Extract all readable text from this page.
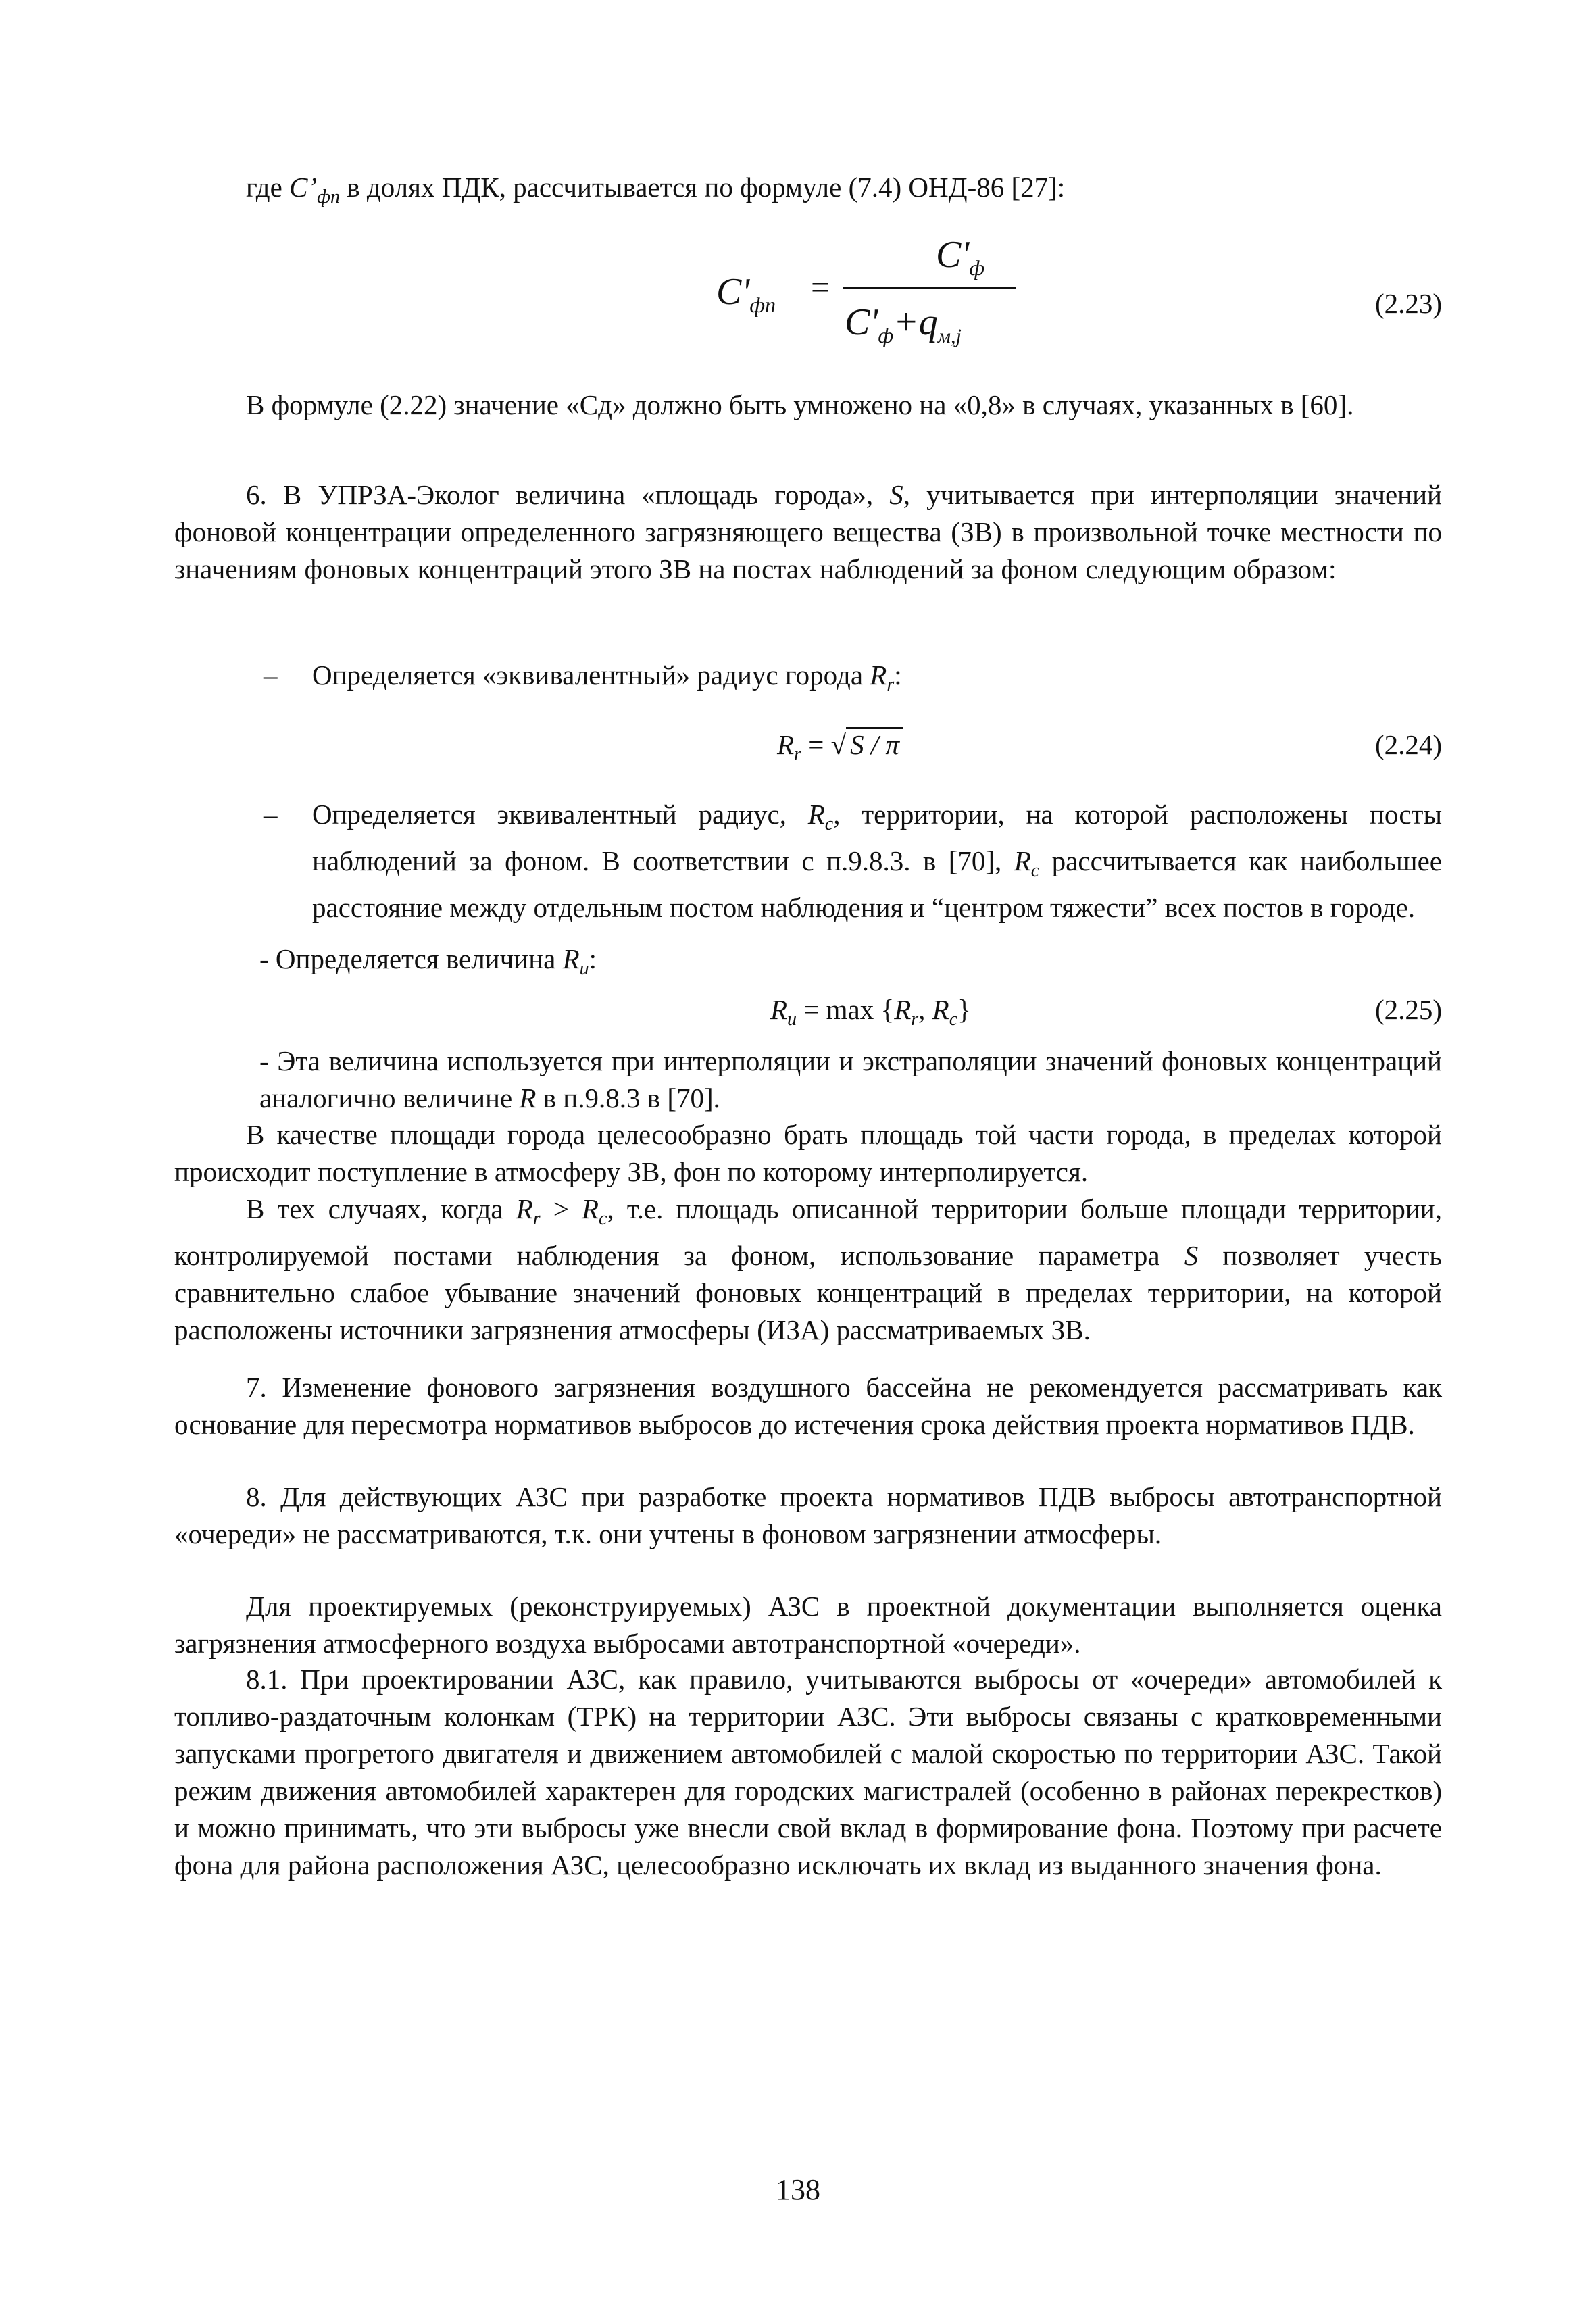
где $C’_{фп}$ в долях ПДК, рассчитывается по формуле (7.4) ОНД-86 [27]:
$C'_{фп}$ =
$C'_ф$
$C'_ф+q_{м,j}$
(2.23)
В формуле (2.22) значение «Сд» должно быть умножено на «0,8» в случаях, указанных в [60].
6. В УПРЗА-Эколог величина «площадь города», S, учитывается при интерполяции значений фоновой концентрации определенного загрязняющего вещества (ЗВ) в произвольной точке местности по значениям фоновых концентраций этого ЗВ на постах наблюдений за фоном следующим образом:
– Определяется «эквивалентный» радиус города $R_r$:
$R_r$ = √ S / π	(2.24)
– Определяется эквивалентный радиус, $R_c$, территории, на которой расположены посты наблюдений за фоном. В соответствии с п.9.8.3. в [70], $R_c$ рассчитывается как наибольшее расстояние между отдельным постом наблюдения и “центром тяжести” всех постов в городе.
- Определяется величина $R_u$:
$R_u = \max \{R_r$, $R_c$}	(2.25)
- Эта величина используется при интерполяции и экстраполяции значений фоновых концентраций аналогично величине R в п.9.8.3 в [70].
В качестве площади города целесообразно брать площадь той части города, в пределах которой происходит поступление в атмосферу ЗВ, фон по которому интерполируется.
В тех случаях, когда $R_r > R_c$, т.е. площадь описанной территории больше площади территории, контролируемой постами наблюдения за фоном, использование параметра S позволяет учесть сравнительно слабое убывание значений фоновых концентраций в пределах территории, на которой расположены источники загрязнения атмосферы (ИЗА) рассматриваемых ЗВ.
7. Изменение фонового загрязнения воздушного бассейна не рекомендуется рассматривать как основание для пересмотра нормативов выбросов до истечения срока действия проекта нормативов ПДВ.
8. Для действующих АЗС при разработке проекта нормативов ПДВ выбросы автотранспортной «очереди» не рассматриваются, т.к. они учтены в фоновом загрязнении атмосферы.
Для проектируемых (реконструируемых) АЗС в проектной документации выполняется оценка загрязнения атмосферного воздуха выбросами автотранспортной «очереди».
8.1. При проектировании АЗС, как правило, учитываются выбросы от «очереди» автомобилей к топливо-раздаточным колонкам (ТРК) на территории АЗС. Эти выбросы связаны с кратковременными запусками прогретого двигателя и движением автомобилей с малой скоростью по территории АЗС. Такой режим движения автомобилей характерен для городских магистралей (особенно в районах перекрестков) и можно принимать, что эти выбросы уже внесли свой вклад в формирование фона. Поэтому при расчете фона для района расположения АЗС, целесообразно исключать их вклад из выданного значения фона.
138
